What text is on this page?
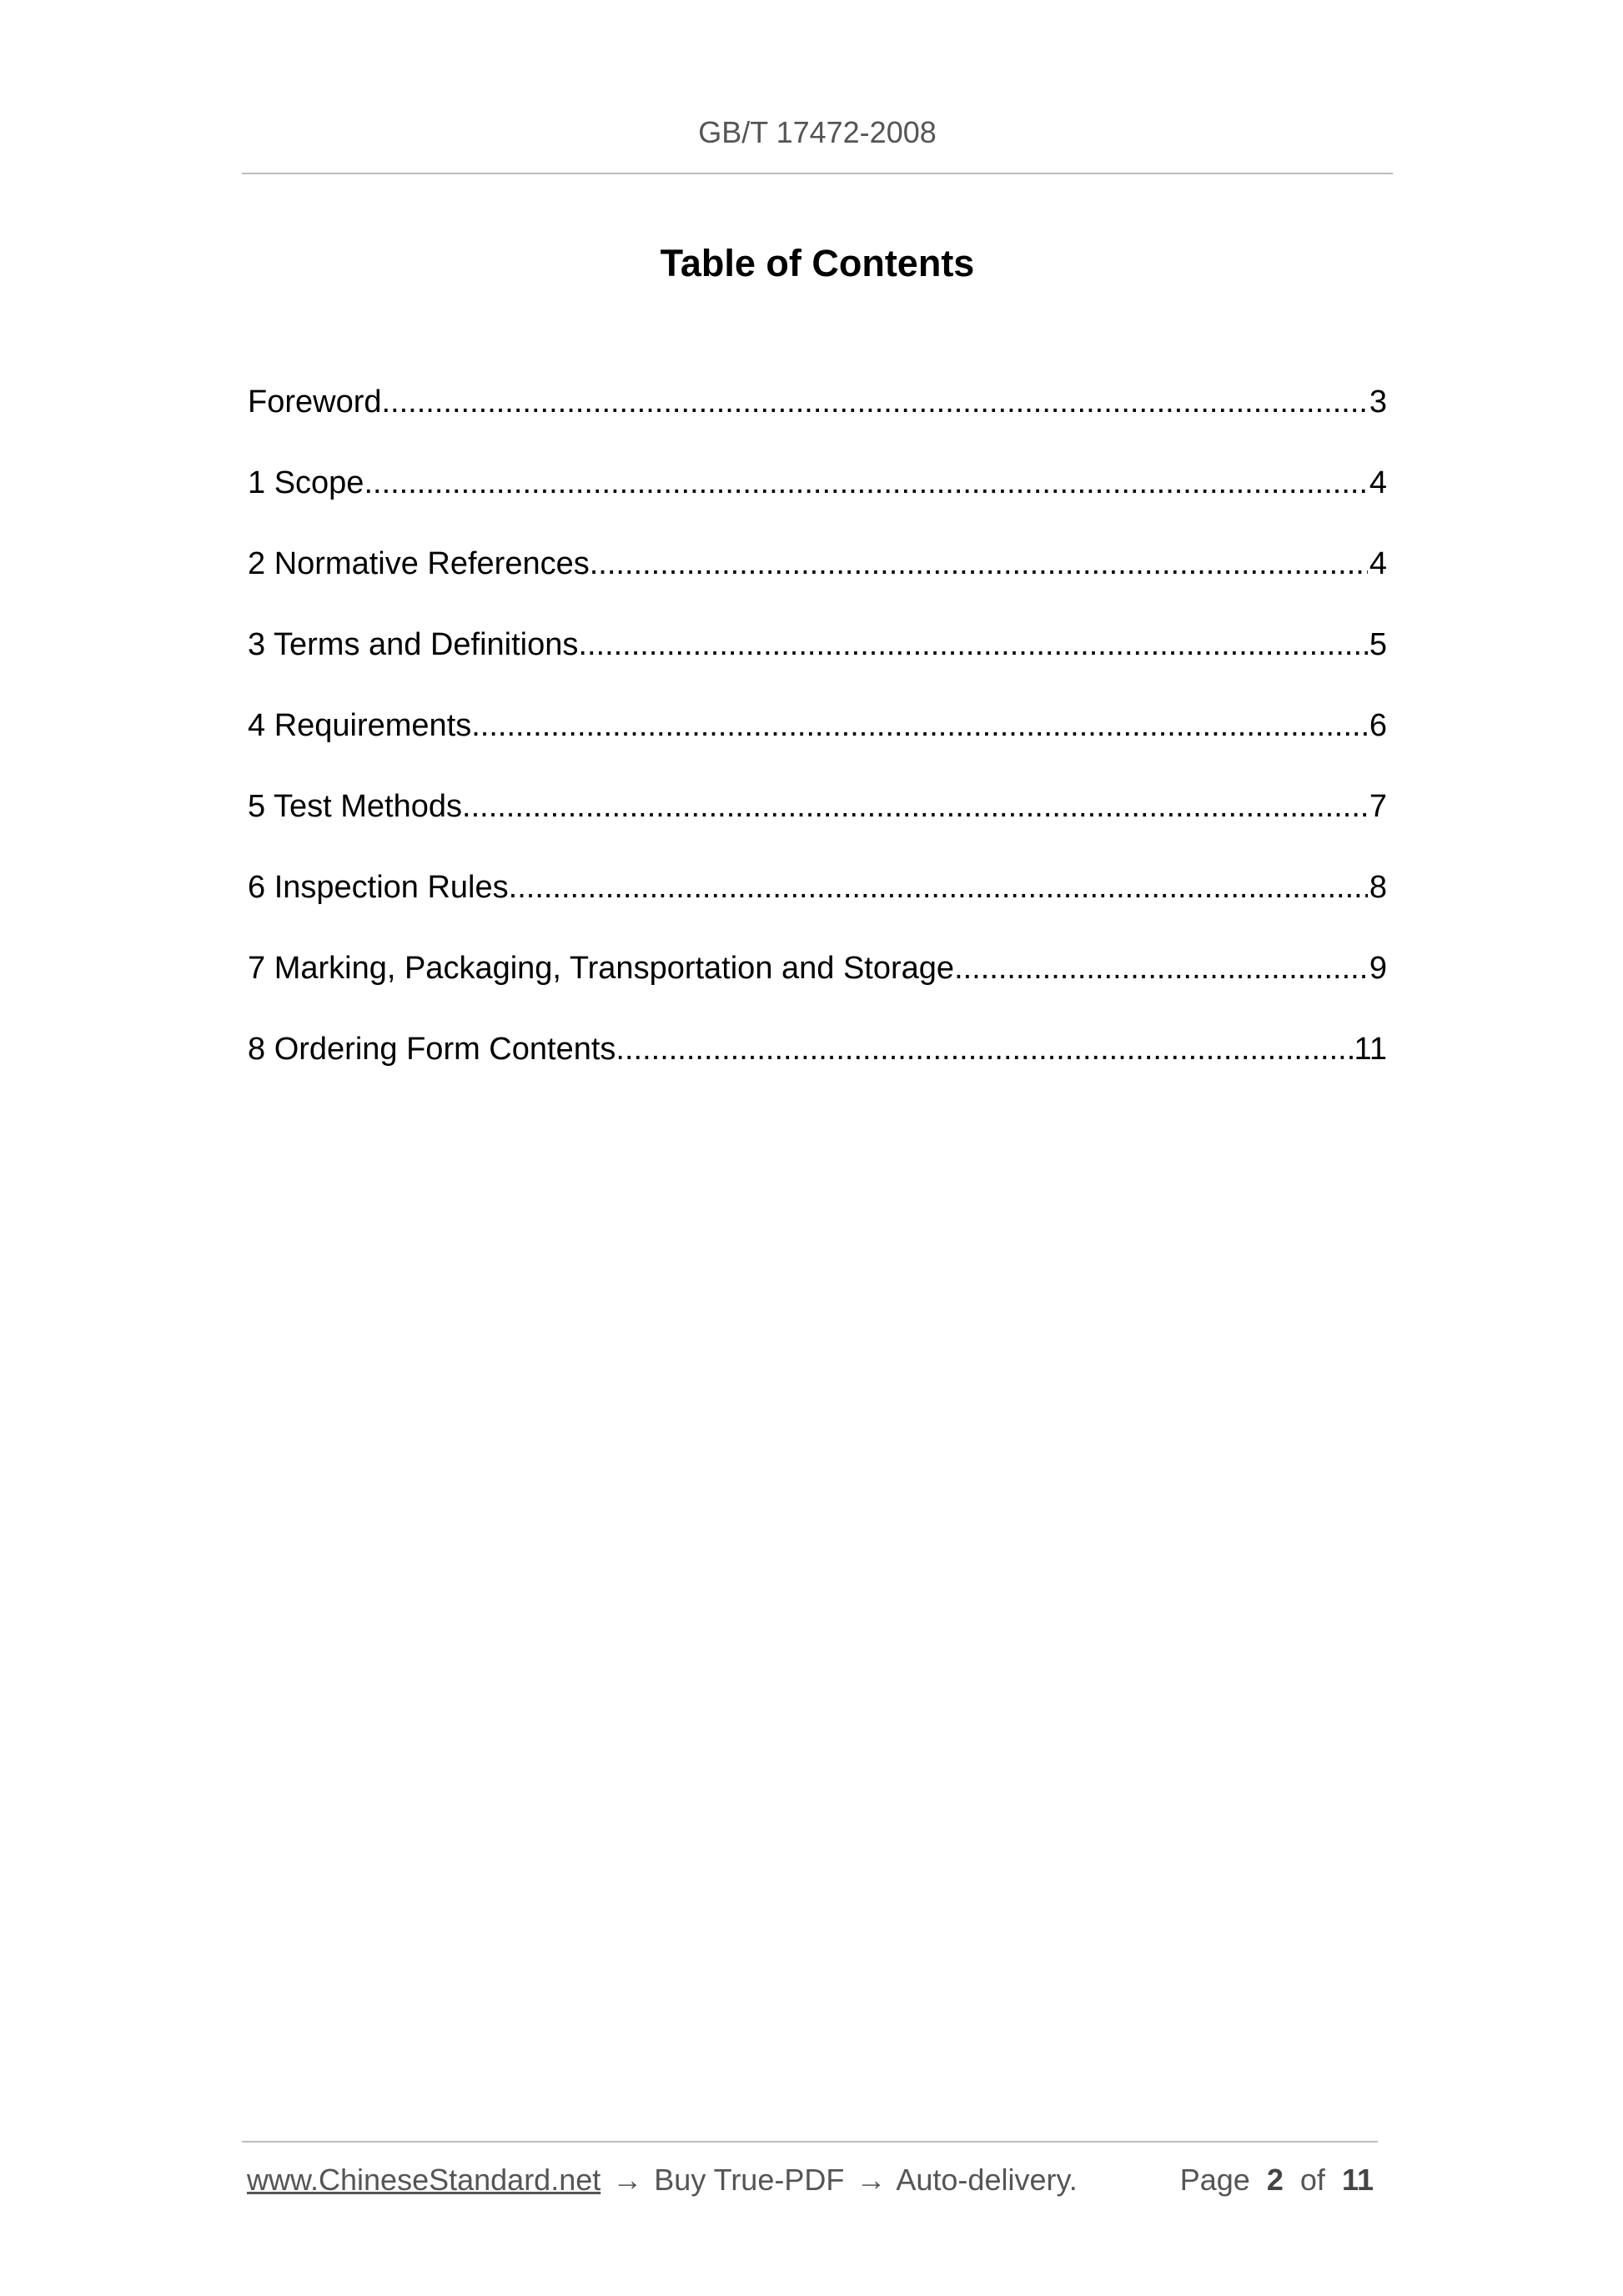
GB/T 17472-2008
Table of Contents
Foreword .....	3
1 Scope .....	4
2 Normative References .....	4
3 Terms and Definitions .....	5
4 Requirements .....	6
5 Test Methods .....	7
6 Inspection Rules .....	8
7 Marking, Packaging, Transportation and Storage .....	9
8 Ordering Form Contents .....	11
www.ChineseStandard.net → Buy True-PDF → Auto-delivery.	Page 2 of 11
